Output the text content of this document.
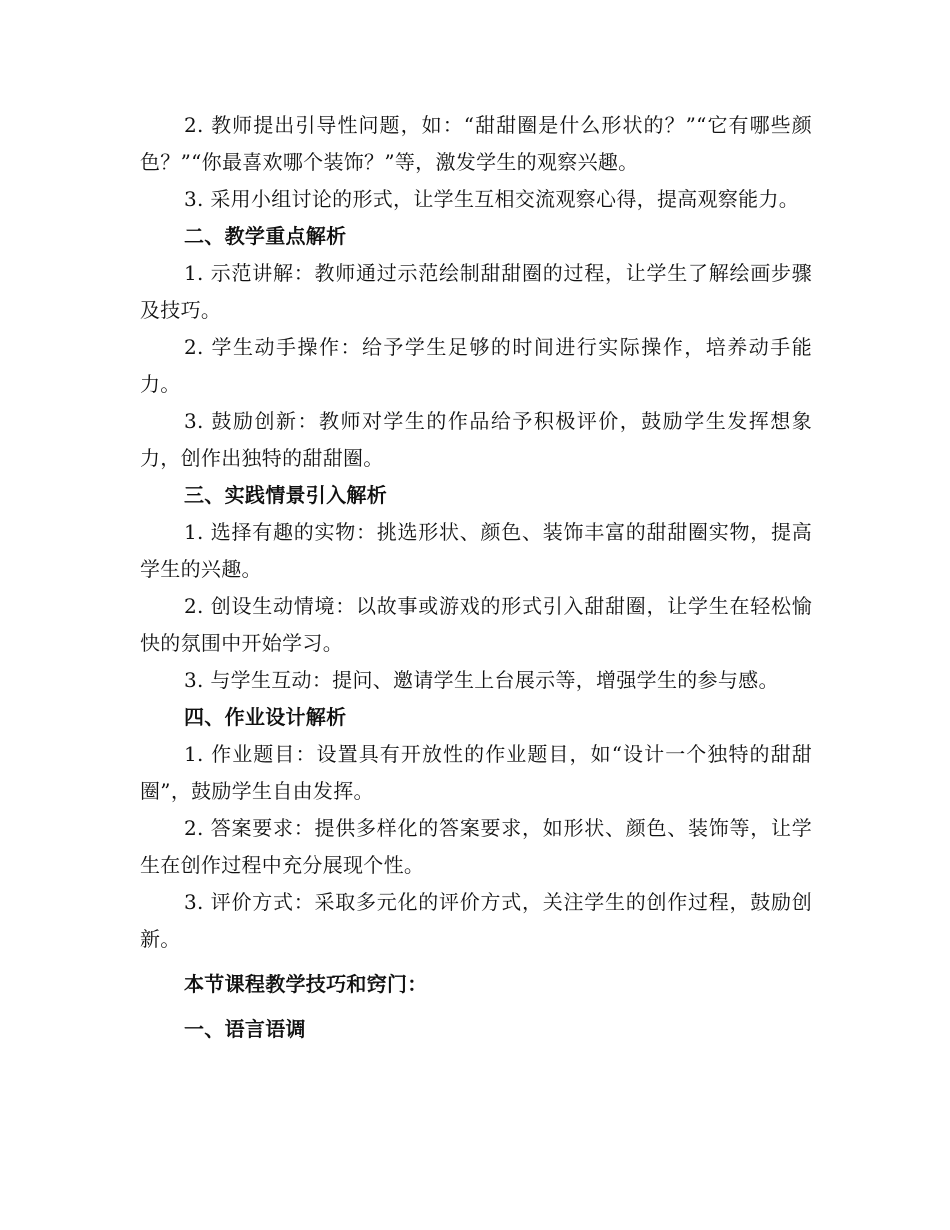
2. 教师提出引导性问题，如：“甜甜圈是什么形状的？”“它有哪些颜色？”“你最喜欢哪个装饰？”等，激发学生的观察兴趣。

3. 采用小组讨论的形式，让学生互相交流观察心得，提高观察能力。

二、教学重点解析

1. 示范讲解：教师通过示范绘制甜甜圈的过程，让学生了解绘画步骤及技巧。

2. 学生动手操作：给予学生足够的时间进行实际操作，培养动手能力。

3. 鼓励创新：教师对学生的作品给予积极评价，鼓励学生发挥想象力，创作出独特的甜甜圈。

三、实践情景引入解析

1. 选择有趣的实物：挑选形状、颜色、装饰丰富的甜甜圈实物，提高学生的兴趣。

2. 创设生动情境：以故事或游戏的形式引入甜甜圈，让学生在轻松愉快的氛围中开始学习。

3. 与学生互动：提问、邀请学生上台展示等，增强学生的参与感。

四、作业设计解析

1. 作业题目：设置具有开放性的作业题目，如“设计一个独特的甜甜圈”，鼓励学生自由发挥。

2. 答案要求：提供多样化的答案要求，如形状、颜色、装饰等，让学生在创作过程中充分展现个性。

3. 评价方式：采取多元化的评价方式，关注学生的创作过程，鼓励创新。

本节课程教学技巧和窍门：

一、语言语调
